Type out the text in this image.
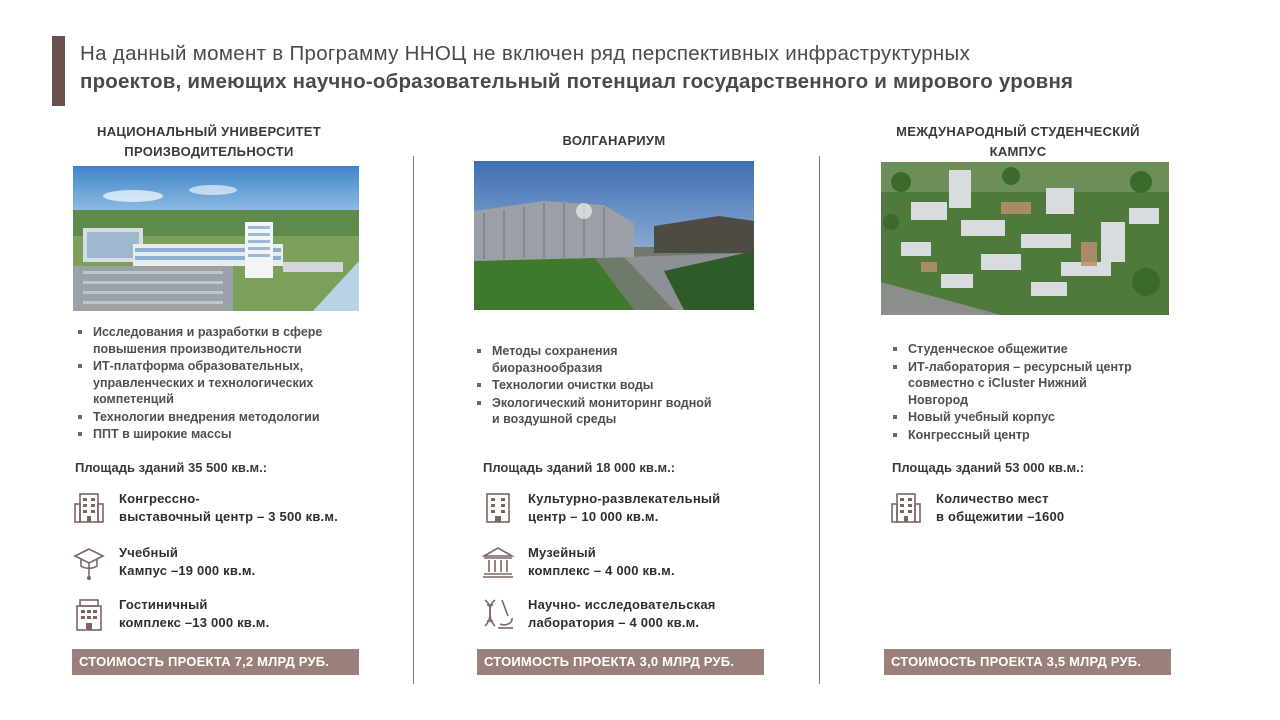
На данный момент в Программу ННОЦ не включен ряд перспективных инфраструктурных
проектов, имеющих научно-образовательный потенциал государственного и мирового уровня
НАЦИОНАЛЬНЫЙ УНИВЕРСИТЕТ
ПРОИЗВОДИТЕЛЬНОСТИ
Исследования и разработки в сфере
повышения производительности
ИТ-платформа образовательных,
управленческих и технологических
компетенций
Технологии внедрения методологии
ППТ в широкие массы
Площадь зданий 35 500 кв.м.:
Конгрессно-
выставочный центр – 3 500 кв.м.
Учебный
Кампус –19 000 кв.м.
Гостиничный
комплекс –13 000 кв.м.
СТОИМОСТЬ ПРОЕКТА 7,2 МЛРД РУБ.
ВОЛГАНАРИУМ
Методы сохранения
биоразнообразия
Технологии очистки воды
Экологический мониторинг водной
и воздушной среды
Площадь зданий 18 000 кв.м.:
Культурно-развлекательный
центр – 10 000 кв.м.
Музейный
комплекс – 4 000 кв.м.
Научно- исследовательская
лаборатория – 4 000 кв.м.
СТОИМОСТЬ ПРОЕКТА 3,0 МЛРД РУБ.
МЕЖДУНАРОДНЫЙ СТУДЕНЧЕСКИЙ
КАМПУС
Студенческое общежитие
ИТ-лаборатория – ресурсный центр
совместно с iCluster Нижний
Новгород
Новый учебный корпус
Конгрессный центр
Площадь зданий 53 000 кв.м.:
Количество мест
в общежитии –1600
СТОИМОСТЬ ПРОЕКТА 3,5 МЛРД РУБ.
